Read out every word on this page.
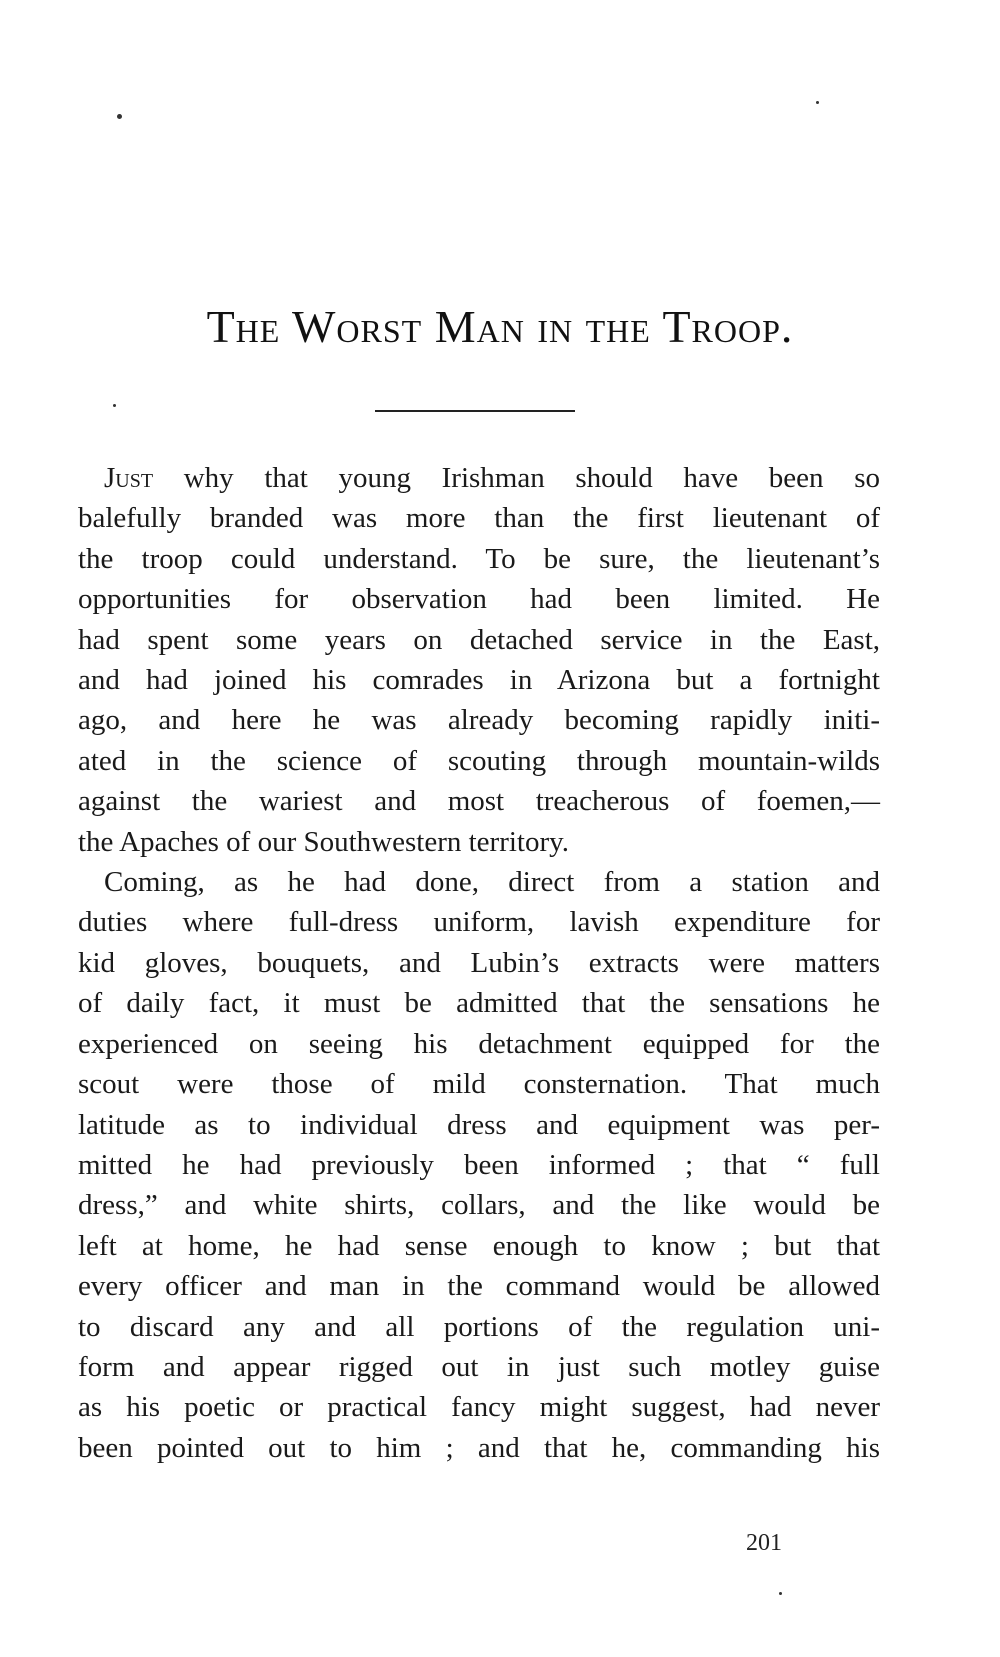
The Worst Man in the Troop.
Just why that young Irishman should have been so
balefully branded was more than the first lieutenant of
the troop could understand. To be sure, the lieutenant’s
opportunities for observation had been limited. He
had spent some years on detached service in the East,
and had joined his comrades in Arizona but a fortnight
ago, and here he was already becoming rapidly initi-
ated in the science of scouting through mountain-wilds
against the wariest and most treacherous of foemen,—
the Apaches of our Southwestern territory.
Coming, as he had done, direct from a station and
duties where full-dress uniform, lavish expenditure for
kid gloves, bouquets, and Lubin’s extracts were matters
of daily fact, it must be admitted that the sensations he
experienced on seeing his detachment equipped for the
scout were those of mild consternation. That much
latitude as to individual dress and equipment was per-
mitted he had previously been informed ; that “ full
dress,” and white shirts, collars, and the like would be
left at home, he had sense enough to know ; but that
every officer and man in the command would be allowed
to discard any and all portions of the regulation uni-
form and appear rigged out in just such motley guise
as his poetic or practical fancy might suggest, had never
been pointed out to him ; and that he, commanding his
201
